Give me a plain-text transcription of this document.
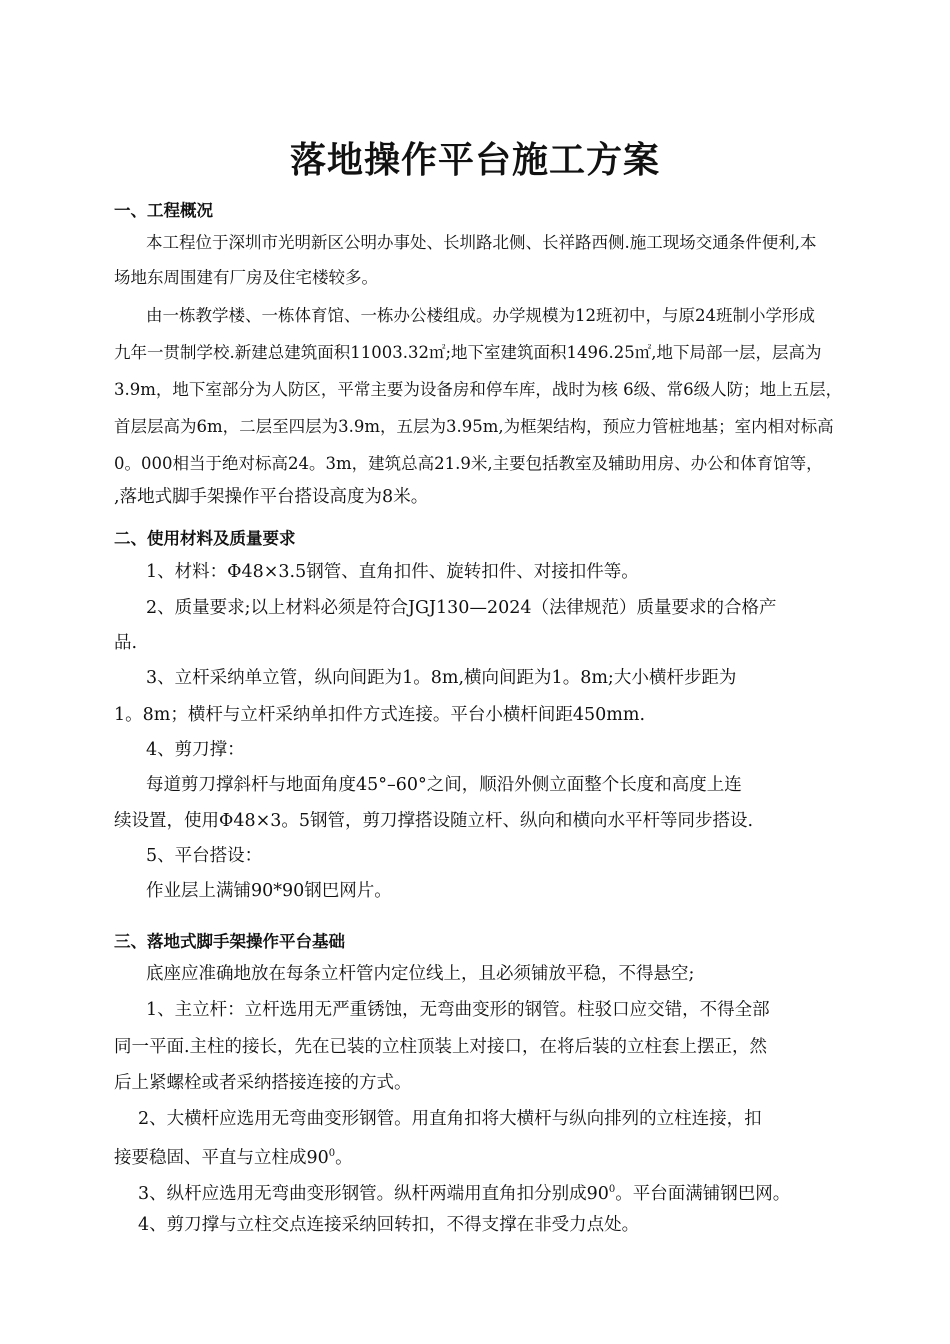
落地操作平台施工方案
一、工程概况

本工程位于深圳市光明新区公明办事处、长圳路北侧、长祥路西侧.施工现场交通条件便利,本

场地东周围建有厂房及住宅楼较多。

由一栋教学楼、一栋体育馆、一栋办公楼组成。办学规模为12班初中，与原24班制小学形成

九年一贯制学校.新建总建筑面积11003.32㎡;地下室建筑面积1496.25㎡,地下局部一层，层高为

3.9m，地下室部分为人防区，平常主要为设备房和停车库，战时为核 6级、常6级人防；地上五层，

首层层高为6m，二层至四层为3.9m，五层为3.95m,为框架结构，预应力管桩地基；室内相对标高

0。000相当于绝对标高24。3m，建筑总高21.9米,主要包括教室及辅助用房、办公和体育馆等，

,落地式脚手架操作平台搭设高度为8米。

二、使用材料及质量要求

1、材料：Φ48×3.5钢管、直角扣件、旋转扣件、对接扣件等。

2、质量要求;以上材料必须是符合JGJ130—2024（法律规范）质量要求的合格产

品.

3、立杆采纳单立管，纵向间距为1。8m,横向间距为1。8m;大小横杆步距为

1。8m；横杆与立杆采纳单扣件方式连接。平台小横杆间距450mm.

4、剪刀撑：

每道剪刀撑斜杆与地面角度45°–60°之间，顺沿外侧立面整个长度和高度上连

续设置，使用Φ48×3。5钢管，剪刀撑搭设随立杆、纵向和横向水平杆等同步搭设.

5、平台搭设：

作业层上满铺90*90钢巴网片。

三、落地式脚手架操作平台基础

底座应准确地放在每条立杆管内定位线上，且必须铺放平稳，不得悬空;

1、主立杆：立杆选用无严重锈蚀，无弯曲变形的钢管。柱驳口应交错，不得全部

同一平面.主柱的接长，先在已装的立柱顶装上对接口，在将后装的立柱套上摆正，然

后上紧螺栓或者采纳搭接连接的方式。

2、大横杆应选用无弯曲变形钢管。用直角扣将大横杆与纵向排列的立柱连接，扣

接要稳固、平直与立柱成$90^0$。

3、纵杆应选用无弯曲变形钢管。纵杆两端用直角扣分别成$90^0$。平台面满铺钢巴网。

4、剪刀撑与立柱交点连接采纳回转扣，不得支撑在非受力点处。
